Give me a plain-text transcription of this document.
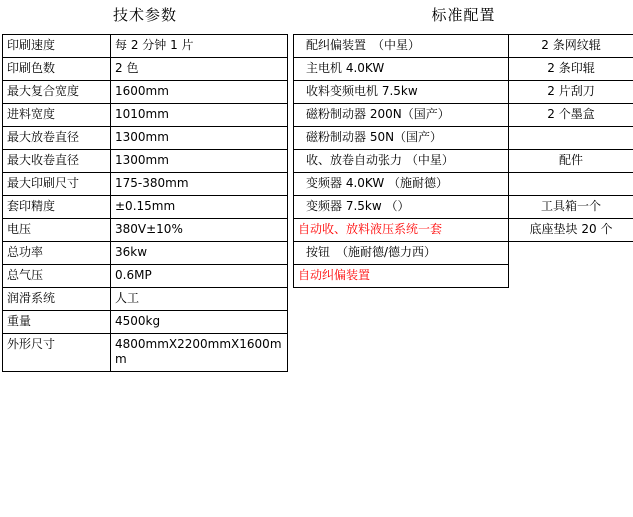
技术参数	
印刷速度	每 2 分钟 1 片
印刷色数	2 色
最大复合宽度	1600mm
进料宽度	1010mm
最大放卷直径	1300mm
最大收卷直径	1300mm
最大印刷尺寸	175-380mm
套印精度	±0.15mm
电压	380V±10%
总功率	36kw
总气压	0.6MP
润滑系统	人工
重量	4500kg
外形尺寸	4800mmX2200mmX1600mm
标准配置	
配纠偏装置　（中星）	2 条网纹辊
主电机 4.0KW	2 条印辊
收料变频电机 7.5kw	2 片刮刀
磁粉制动器 200N（国产）	2 个墨盒
磁粉制动器 50N（国产）	
收、放卷自动张力 （中星）	配件
变频器 4.0KW （施耐德）	
变频器 7.5kw （）	工具箱一个
自动收、放料液压系统一套	底座垫块 20 个
按钮　（施耐德/德力西）	
自动纠偏装置	
